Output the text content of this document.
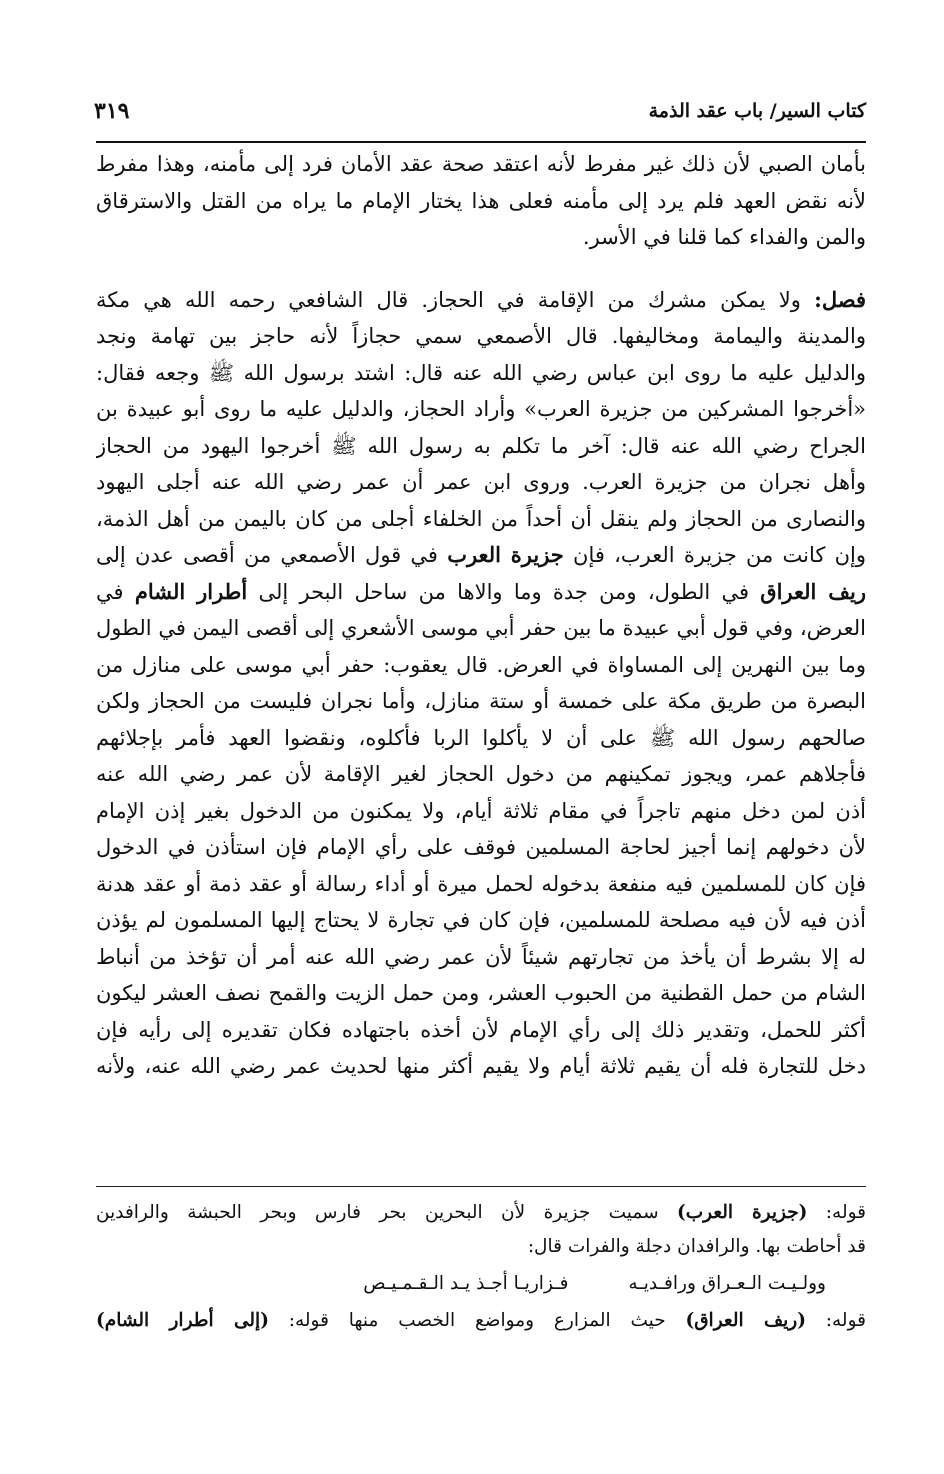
كتاب السير/ باب عقد الذمة
٣١٩
بأمان الصبي لأن ذلك غير مفرط لأنه اعتقد صحة عقد الأمان فرد إلى مأمنه، وهذا مفرط
لأنه نقض العهد فلم يرد إلى مأمنه فعلى هذا يختار الإمام ما يراه من القتل والاسترقاق
والمن والفداء كما قلنا في الأسر.
فصل: ولا يمكن مشرك من الإقامة في الحجاز. قال الشافعي رحمه الله هي مكة
والمدينة واليمامة ومخاليفها. قال الأصمعي سمي حجازاً لأنه حاجز بين تهامة ونجد
والدليل عليه ما روى ابن عباس رضي الله عنه قال: اشتد برسول الله ﷺ وجعه فقال:
«أخرجوا المشركين من جزيرة العرب» وأراد الحجاز، والدليل عليه ما روى أبو عبيدة بن
الجراح رضي الله عنه قال: آخر ما تكلم به رسول الله ﷺ أخرجوا اليهود من الحجاز
وأهل نجران من جزيرة العرب. وروى ابن عمر أن عمر رضي الله عنه أجلى اليهود
والنصارى من الحجاز ولم ينقل أن أحداً من الخلفاء أجلى من كان باليمن من أهل الذمة،
وإن كانت من جزيرة العرب، فإن جزيرة العرب في قول الأصمعي من أقصى عدن إلى
ريف العراق في الطول، ومن جدة وما والاها من ساحل البحر إلى أطرار الشام في
العرض، وفي قول أبي عبيدة ما بين حفر أبي موسى الأشعري إلى أقصى اليمن في الطول
وما بين النهرين إلى المساواة في العرض. قال يعقوب: حفر أبي موسى على منازل من
البصرة من طريق مكة على خمسة أو ستة منازل، وأما نجران فليست من الحجاز ولكن
صالحهم رسول الله ﷺ على أن لا يأكلوا الربا فأكلوه، ونقضوا العهد فأمر بإجلائهم
فأجلاهم عمر، ويجوز تمكينهم من دخول الحجاز لغير الإقامة لأن عمر رضي الله عنه
أذن لمن دخل منهم تاجراً في مقام ثلاثة أيام، ولا يمكنون من الدخول بغير إذن الإمام
لأن دخولهم إنما أجيز لحاجة المسلمين فوقف على رأي الإمام فإن استأذن في الدخول
فإن كان للمسلمين فيه منفعة بدخوله لحمل ميرة أو أداء رسالة أو عقد ذمة أو عقد هدنة
أذن فيه لأن فيه مصلحة للمسلمين، فإن كان في تجارة لا يحتاج إليها المسلمون لم يؤذن
له إلا بشرط أن يأخذ من تجارتهم شيئاً لأن عمر رضي الله عنه أمر أن تؤخذ من أنباط
الشام من حمل القطنية من الحبوب العشر، ومن حمل الزيت والقمح نصف العشر ليكون
أكثر للحمل، وتقدير ذلك إلى رأي الإمام لأن أخذه باجتهاده فكان تقديره إلى رأيه فإن
دخل للتجارة فله أن يقيم ثلاثة أيام ولا يقيم أكثر منها لحديث عمر رضي الله عنه، ولأنه
قوله: (جزيرة العرب) سميت جزيرة لأن البحرين بحر فارس وبحر الحبشة والرافدين
قد أحاطت بها. والرافدان دجلة والفرات قال:
وولـيـت الـعـراق ورافـديـه
فـزاريـا أجـذ يـد الـقـمـيـص
قوله: (ريف العراق) حيث المزارع ومواضع الخصب منها قوله: (إلى أطرار الشام)
